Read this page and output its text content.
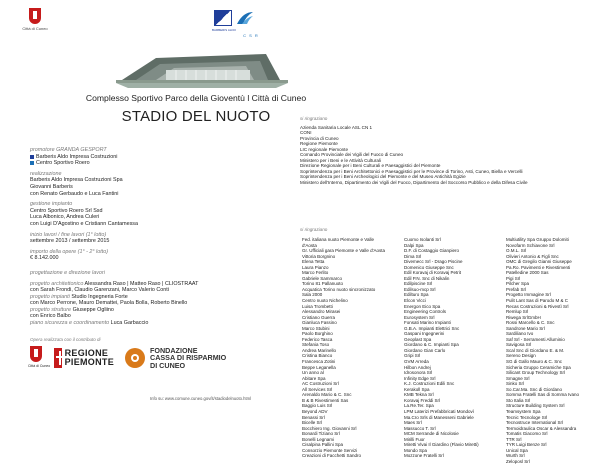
Città di Cuneo	BARBERIS ALDO
C S R
Complesso Sportivo Parco della Gioventù l Città di Cuneo
STADIO DEL NUOTO
promotore GRANDA GESPORT
Barberis Aldo Impresa Costruzioni
Centro Sportivo Roero
realizzazione
Barberis Aldo Impresa Costruzioni Spa
Giovanni Barberis
con Renato Gerbaudo e Luca Fantini
gestione impianto
Centro Sportivo Roero Srl Ssd
Luca Albonico, Andrea Culeri
con Luigi D'Agostino e Cristiann Cantamessa
inizio lavori / fine lavori (1° lotto)
settembre 2013 / settembre 2015
importo della opere (1° - 2° lotto)
€ 8.142.000
progettazione e direzione lavori
progetto architettonico Alessandra Raso | Matteo Raso | CLIOSTRAAT
con Sarah Frondi, Claudio Garenzani, Marco Valerio Conti
progetto impianti Studio Ingegneria Forte
con Marco Perrone, Mauro Demattei, Paola Bolla, Roberto Binello
progetto strutture Giuseppe Ogliino
con Enrico Balbo
piano sicurezza e coordinamento Luca Garbaccio
si ringraziano
Azienda Sanitaria Locale ASL CN 1
CONI
Provincia di Cuneo
Regione Piemonte
LIC regionale Piemonte
Comando Provinciale dei Vigili del Fuoco di Cuneo
Ministero per i Beni e le Attività Culturali
Direzione Regionale per i Beni Culturali e Paesaggistici del Piemonte
Soprintendenza per i Beni Architettonici e Paesaggistici per le Province di Torino, Asti, Cuneo, Biella e Vercelli
Soprintendenza per i Beni Archeologici del Piemonte e del Museo Antichità Egizie
Ministero dell'Interno, Dipartimento dei Vigili del Fuoco, Dipartimento del Soccorso Pubblico e della Difesa Civile
si ringraziano
Fed. italiana nuoto Piemonte e Valle
d'Aosta
Gr. Ufficiali gara Piemonte e Valle d'Aosta
Vittoria Borgnino
Elena Tetta
Laura Pianzo
Marco Ferlito
Gabriele Sammarco
Torino 81 Pallanuoto
Acquatica Torino nuoto sincronizzato
Sala 2000
Centro nuoto Nichelino
Luisa Trombetti
Alessandro Mirasei
Cristiano Guerra
Gianluca Fassino
Marco Stubini
Paolo Borghino
Federico Tasca
Stefania Toso
Andrea Marinello
Cristina Bianco
Francesca Zotini
Beppe Leganella
Un anno al
Abitare Spa
AC Costruzioni Srl
All Services Srl
Arenaldo Mario & C. Snc
B & B Rivestimenti Sas
Baggio Luis Srl
Beyond ADV
Benassi Srl
Bicelle Srl
Bocchiero Ing. Giovanni Srl
Bonardi Tiziano Srl
Bonelli Legnami
Cisalpina Pallini Spa
Consorzio Piemonte Servizi
Creazioni di Facchetti Sandro
Cuomo Isolanti Srl
Dalpi Spa
D.F. di Costaggio Gianpiero
Dima Srl
Divemecc Srl - Drago Piscine
Domenico Giuseppe Snc
Edil Koravaj di Koravaj Petrit
Edil P.N. Snc di Nikalin
Edilpiscine Srl
Edilsuo-mcp Srl
Edilturo Spa
Elcon Vicci
Energon Eico Spa
Engineering Controls
Eurosystem Srl
Fonsati Marino Impianti
G.B.A. Impianti Elettrici Snc
Gaspani Ingegnerini
Geoplast Spa
Giordano & C. Impianti Spa
Giordano Gian Carlo
Gripi Srl
GVM Arreda
Hilbon Andrej
Idrosonora Srl
Infinity Edge Srl
K.J. Costruzioni Edili Snc
Kerakoll Spa
KMB Tekna Srl
Koravaj Freddi Srl
La.Re.Ter. Spa
LPM Laterizi Prefabbricati Mondovì
Ma.Cro Srls di Manesseni Gabriele
Maes Srl
Massucco T. Srl
MCM Serrande di Nicolosie
Mirilli Fuor
Miretti Vivai Il Giardino (Flavio Miretti)
Mondo Spa
Mozzone Fratelli Srl
Multiutility Spa Gruppo Dolomiti
Novofarm Schiavone Srl
O.M.L. Srl
Olivieri Antonio & Figli Snc
OMC di Gregilo Gianni Giuseppe
Pa.Ro. Pavimenti e Rivestimenti
Patelledine 2000 Sas
Pigi Srl
Pilcher Spa
Prefab Srl
Progetto Immagine Srl
Pulit Lant Sas di Parodo M & C
Recas Costruzioni & Rivestì Srl
Remlup Srl
Riwega SrlGmbH
Rossi Marcello & C. Snc
Sandrone Mario Srl
Sardiliano Ivo
Saf Srl - Serramenti Alluminio
Savigosa Srl
Scal Snc di Giordano E. & M.
Sereno Design
SG di Gallo Mauro & C. Snc
Sicheria Gruppo Ceramiche Spa
Silicant Group Technology Srl
Smagne Srl
Sinko Srl
So.Car.Ma. Snc di Giordano
Somma Fratelli Sas di Somma Ivano
Sto Italia Srl
Structure Building System Srl
Teamsystem Spa
Tecnic Tecnologe Srl
Tecnostruce International Srl
Termoidraulica Oscar & Alessandra
Tomatis Giacomo Srl
TTR Srl
TYR Luigi Benze Srl
Unical Spa
Wurth Srl
Zeloposl Srl
Opera realizzata con il contributo di
Città di Cuneo
REGIONE
PIEMONTE
FONDAZIONE
CASSA DI RISPARMIO
DI CUNEO
Info su: www.comune.cuneo.gov/it/stadiodelnuoto.html
